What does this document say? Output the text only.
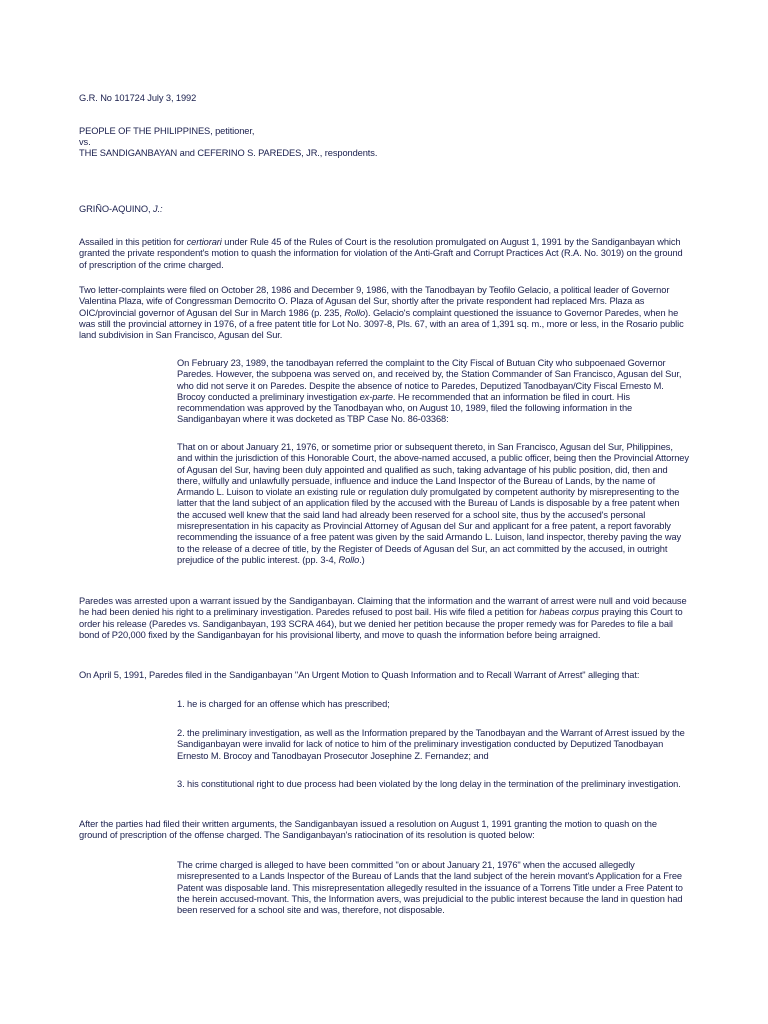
G.R. No 101724 July 3, 1992

PEOPLE OF THE PHILIPPINES, petitioner,

vs.

THE SANDIGANBAYAN and CEFERINO S. PAREDES, JR., respondents.

GRIÑO-AQUINO, J.:

Assailed in this petition for certiorari under Rule 45 of the Rules of Court is the resolution promulgated on August 1, 1991 by the Sandiganbayan which granted the private respondent's motion to quash the information for violation of the Anti-Graft and Corrupt Practices Act (R.A. No. 3019) on the ground of prescription of the crime charged.

Two letter-complaints were filed on October 28, 1986 and December 9, 1986, with the Tanodbayan by Teofilo Gelacio, a political leader of Governor Valentina Plaza, wife of Congressman Democrito O. Plaza of Agusan del Sur, shortly after the private respondent had replaced Mrs. Plaza as OIC/provincial governor of Agusan del Sur in March 1986 (p. 235, Rollo). Gelacio's complaint questioned the issuance to Governor Paredes, when he was still the provincial attorney in 1976, of a free patent title for Lot No. 3097-8, Pls. 67, with an area of 1,391 sq. m., more or less, in the Rosario public land subdivision in San Francisco, Agusan del Sur.

On February 23, 1989, the tanodbayan referred the complaint to the City Fiscal of Butuan City who subpoenaed Governor Paredes. However, the subpoena was served on, and received by, the Station Commander of San Francisco, Agusan del Sur, who did not serve it on Paredes. Despite the absence of notice to Paredes, Deputized Tanodbayan/City Fiscal Ernesto M. Brocoy conducted a preliminary investigation ex-parte. He recommended that an information be filed in court. His recommendation was approved by the Tanodbayan who, on August 10, 1989, filed the following information in the Sandiganbayan where it was docketed as TBP Case No. 86-03368:

That on or about January 21, 1976, or sometime prior or subsequent thereto, in San Francisco, Agusan del Sur, Philippines, and within the jurisdiction of this Honorable Court, the above-named accused, a public officer, being then the Provincial Attorney of Agusan del Sur, having been duly appointed and qualified as such, taking advantage of his public position, did, then and there, wilfully and unlawfully persuade, influence and induce the Land Inspector of the Bureau of Lands, by the name of Armando L. Luison to violate an existing rule or regulation duly promulgated by competent authority by misrepresenting to the latter that the land subject of an application filed by the accused with the Bureau of Lands is disposable by a free patent when the accused well knew that the said land had already been reserved for a school site, thus by the accused's personal misrepresentation in his capacity as Provincial Attorney of Agusan del Sur and applicant for a free patent, a report favorably recommending the issuance of a free patent was given by the said Armando L. Luison, land inspector, thereby paving the way to the release of a decree of title, by the Register of Deeds of Agusan del Sur, an act committed by the accused, in outright prejudice of the public interest. (pp. 3-4, Rollo.)

Paredes was arrested upon a warrant issued by the Sandiganbayan. Claiming that the information and the warrant of arrest were null and void because he had been denied his right to a preliminary investigation. Paredes refused to post bail. His wife filed a petition for habeas corpus praying this Court to order his release (Paredes vs. Sandiganbayan, 193 SCRA 464), but we denied her petition because the proper remedy was for Paredes to file a bail bond of P20,000 fixed by the Sandiganbayan for his provisional liberty, and move to quash the information before being arraigned.

On April 5, 1991, Paredes filed in the Sandiganbayan "An Urgent Motion to Quash Information and to Recall Warrant of Arrest" alleging that:

1. he is charged for an offense which has prescribed;

2. the preliminary investigation, as well as the Information prepared by the Tanodbayan and the Warrant of Arrest issued by the Sandiganbayan were invalid for lack of notice to him of the preliminary investigation conducted by Deputized Tanodbayan Ernesto M. Brocoy and Tanodbayan Prosecutor Josephine Z. Fernandez; and

3. his constitutional right to due process had been violated by the long delay in the termination of the preliminary investigation.

After the parties had filed their written arguments, the Sandiganbayan issued a resolution on August 1, 1991 granting the motion to quash on the ground of prescription of the offense charged. The Sandiganbayan's ratiocination of its resolution is quoted below:

The crime charged is alleged to have been committed "on or about January 21, 1976" when the accused allegedly misrepresented to a Lands Inspector of the Bureau of Lands that the land subject of the herein movant's Application for a Free Patent was disposable land. This misrepresentation allegedly resulted in the issuance of a Torrens Title under a Free Patent to the herein accused-movant. This, the Information avers, was prejudicial to the public interest because the land in question had been reserved for a school site and was, therefore, not disposable.
